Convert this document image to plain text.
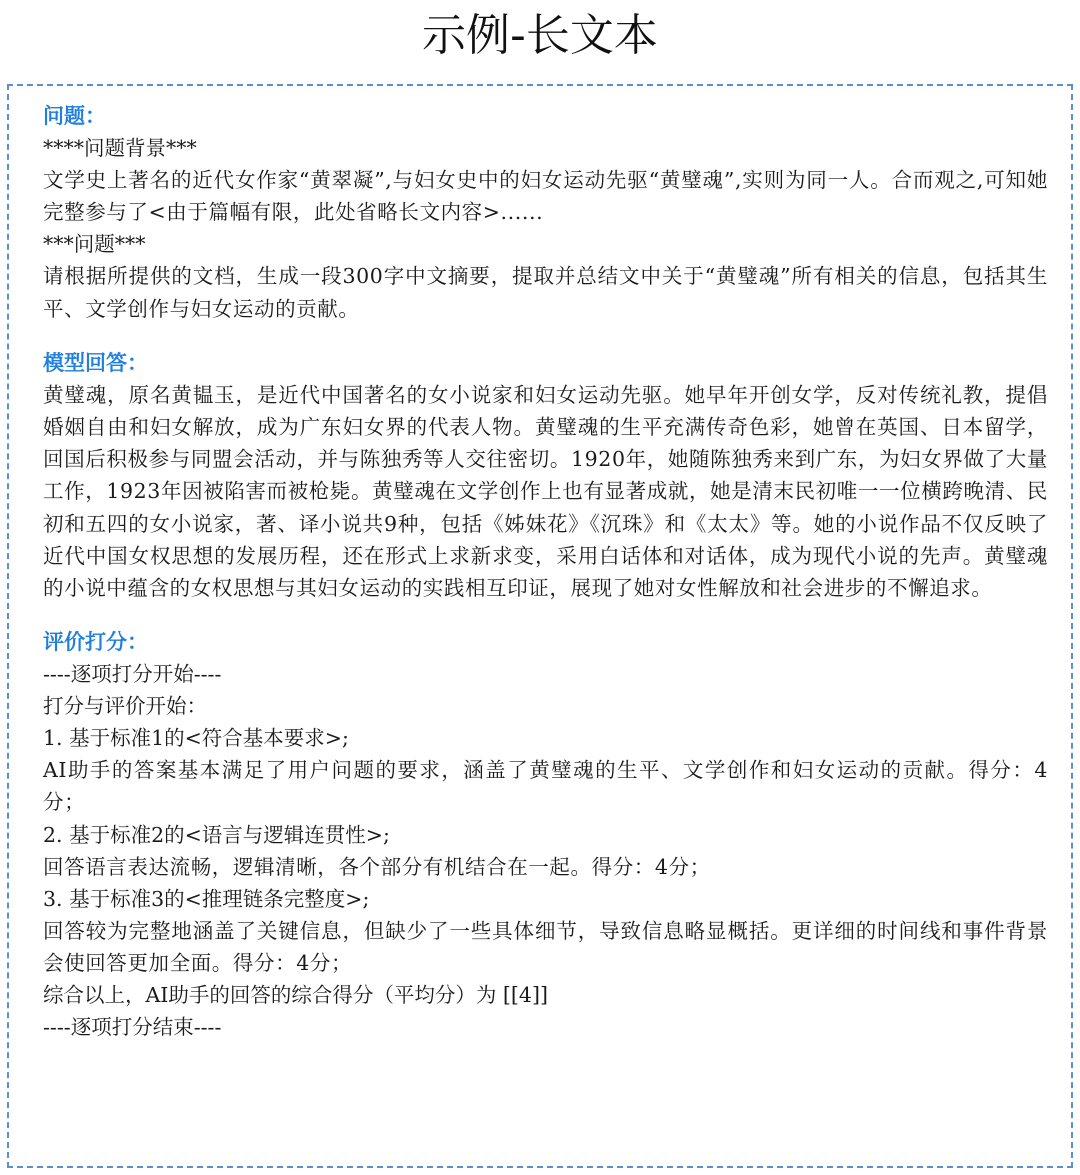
示例-长文本

问题：

****问题背景***

文学史上著名的近代女作家“黄翠凝”,与妇女史中的妇女运动先驱“黄璧魂”,实则为同一人。合而观之,可知她完整参与了<由于篇幅有限，此处省略长文内容>......

***问题***

请根据所提供的文档，生成一段300字中文摘要，提取并总结文中关于“黄璧魂”所有相关的信息，包括其生平、文学创作与妇女运动的贡献。

模型回答：

黄璧魂，原名黄韫玉，是近代中国著名的女小说家和妇女运动先驱。她早年开创女学，反对传统礼教，提倡婚姻自由和妇女解放，成为广东妇女界的代表人物。黄璧魂的生平充满传奇色彩，她曾在英国、日本留学，回国后积极参与同盟会活动，并与陈独秀等人交往密切。1920年，她随陈独秀来到广东，为妇女界做了大量工作，1923年因被陷害而被枪毙。黄璧魂在文学创作上也有显著成就，她是清末民初唯一一位横跨晚清、民初和五四的女小说家，著、译小说共9种，包括《姊妹花》《沉珠》和《太太》等。她的小说作品不仅反映了近代中国女权思想的发展历程，还在形式上求新求变，采用白话体和对话体，成为现代小说的先声。黄璧魂的小说中蕴含的女权思想与其妇女运动的实践相互印证，展现了她对女性解放和社会进步的不懈追求。

评价打分：

----逐项打分开始----

打分与评价开始：

1. 基于标准1的<符合基本要求>;

AI助手的答案基本满足了用户问题的要求，涵盖了黄璧魂的生平、文学创作和妇女运动的贡献。得分：4分；

2. 基于标准2的<语言与逻辑连贯性>;

回答语言表达流畅，逻辑清晰，各个部分有机结合在一起。得分：4分；

3. 基于标准3的<推理链条完整度>;

回答较为完整地涵盖了关键信息，但缺少了一些具体细节，导致信息略显概括。更详细的时间线和事件背景会使回答更加全面。得分：4分；

综合以上，AI助手的回答的综合得分（平均分）为 [[4]]

----逐项打分结束----
